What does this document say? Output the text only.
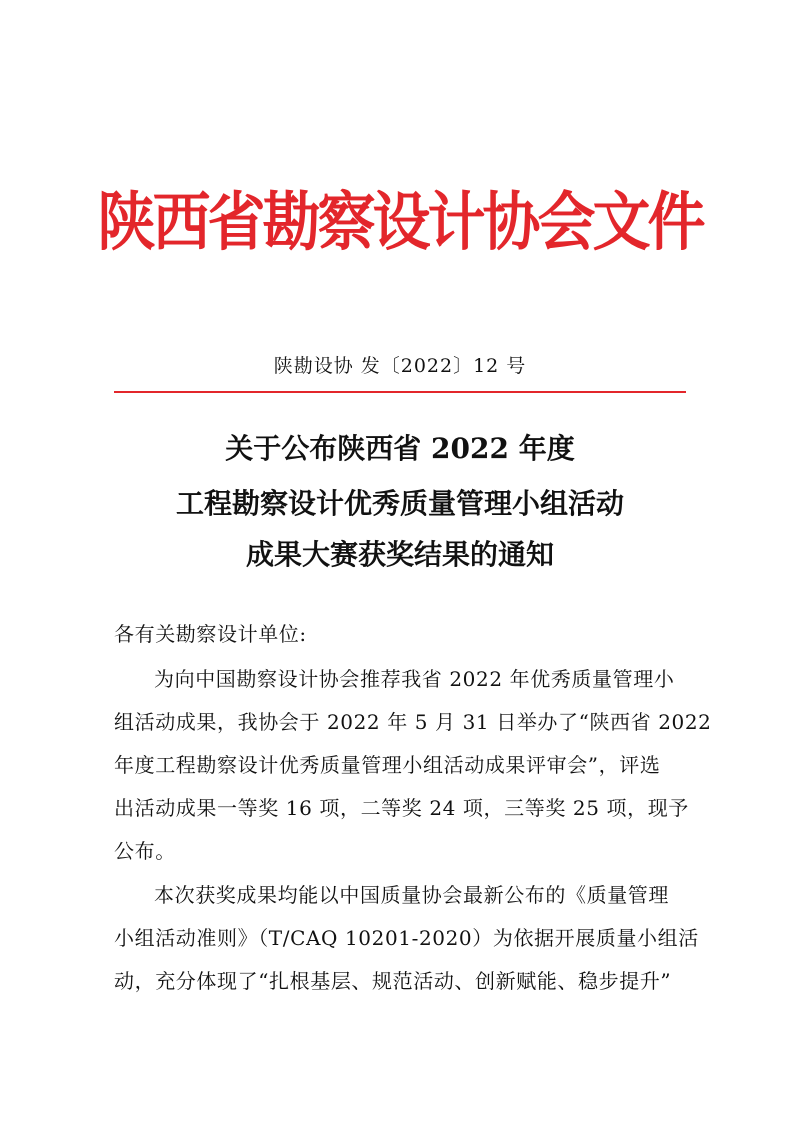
陕西省勘察设计协会文件
陕勘设协 发〔2022〕12 号
关于公布陕西省 2022 年度
工程勘察设计优秀质量管理小组活动
成果大赛获奖结果的通知
各有关勘察设计单位:
为向中国勘察设计协会推荐我省 2022 年优秀质量管理小
组活动成果，我协会于 2022 年 5 月 31 日举办了“陕西省 2022
年度工程勘察设计优秀质量管理小组活动成果评审会”，评选
出活动成果一等奖 16 项，二等奖 24 项，三等奖 25 项，现予
公布。
本次获奖成果均能以中国质量协会最新公布的《质量管理
小组活动准则》（T/CAQ 10201-2020）为依据开展质量小组活
动，充分体现了“扎根基层、规范活动、创新赋能、稳步提升”
